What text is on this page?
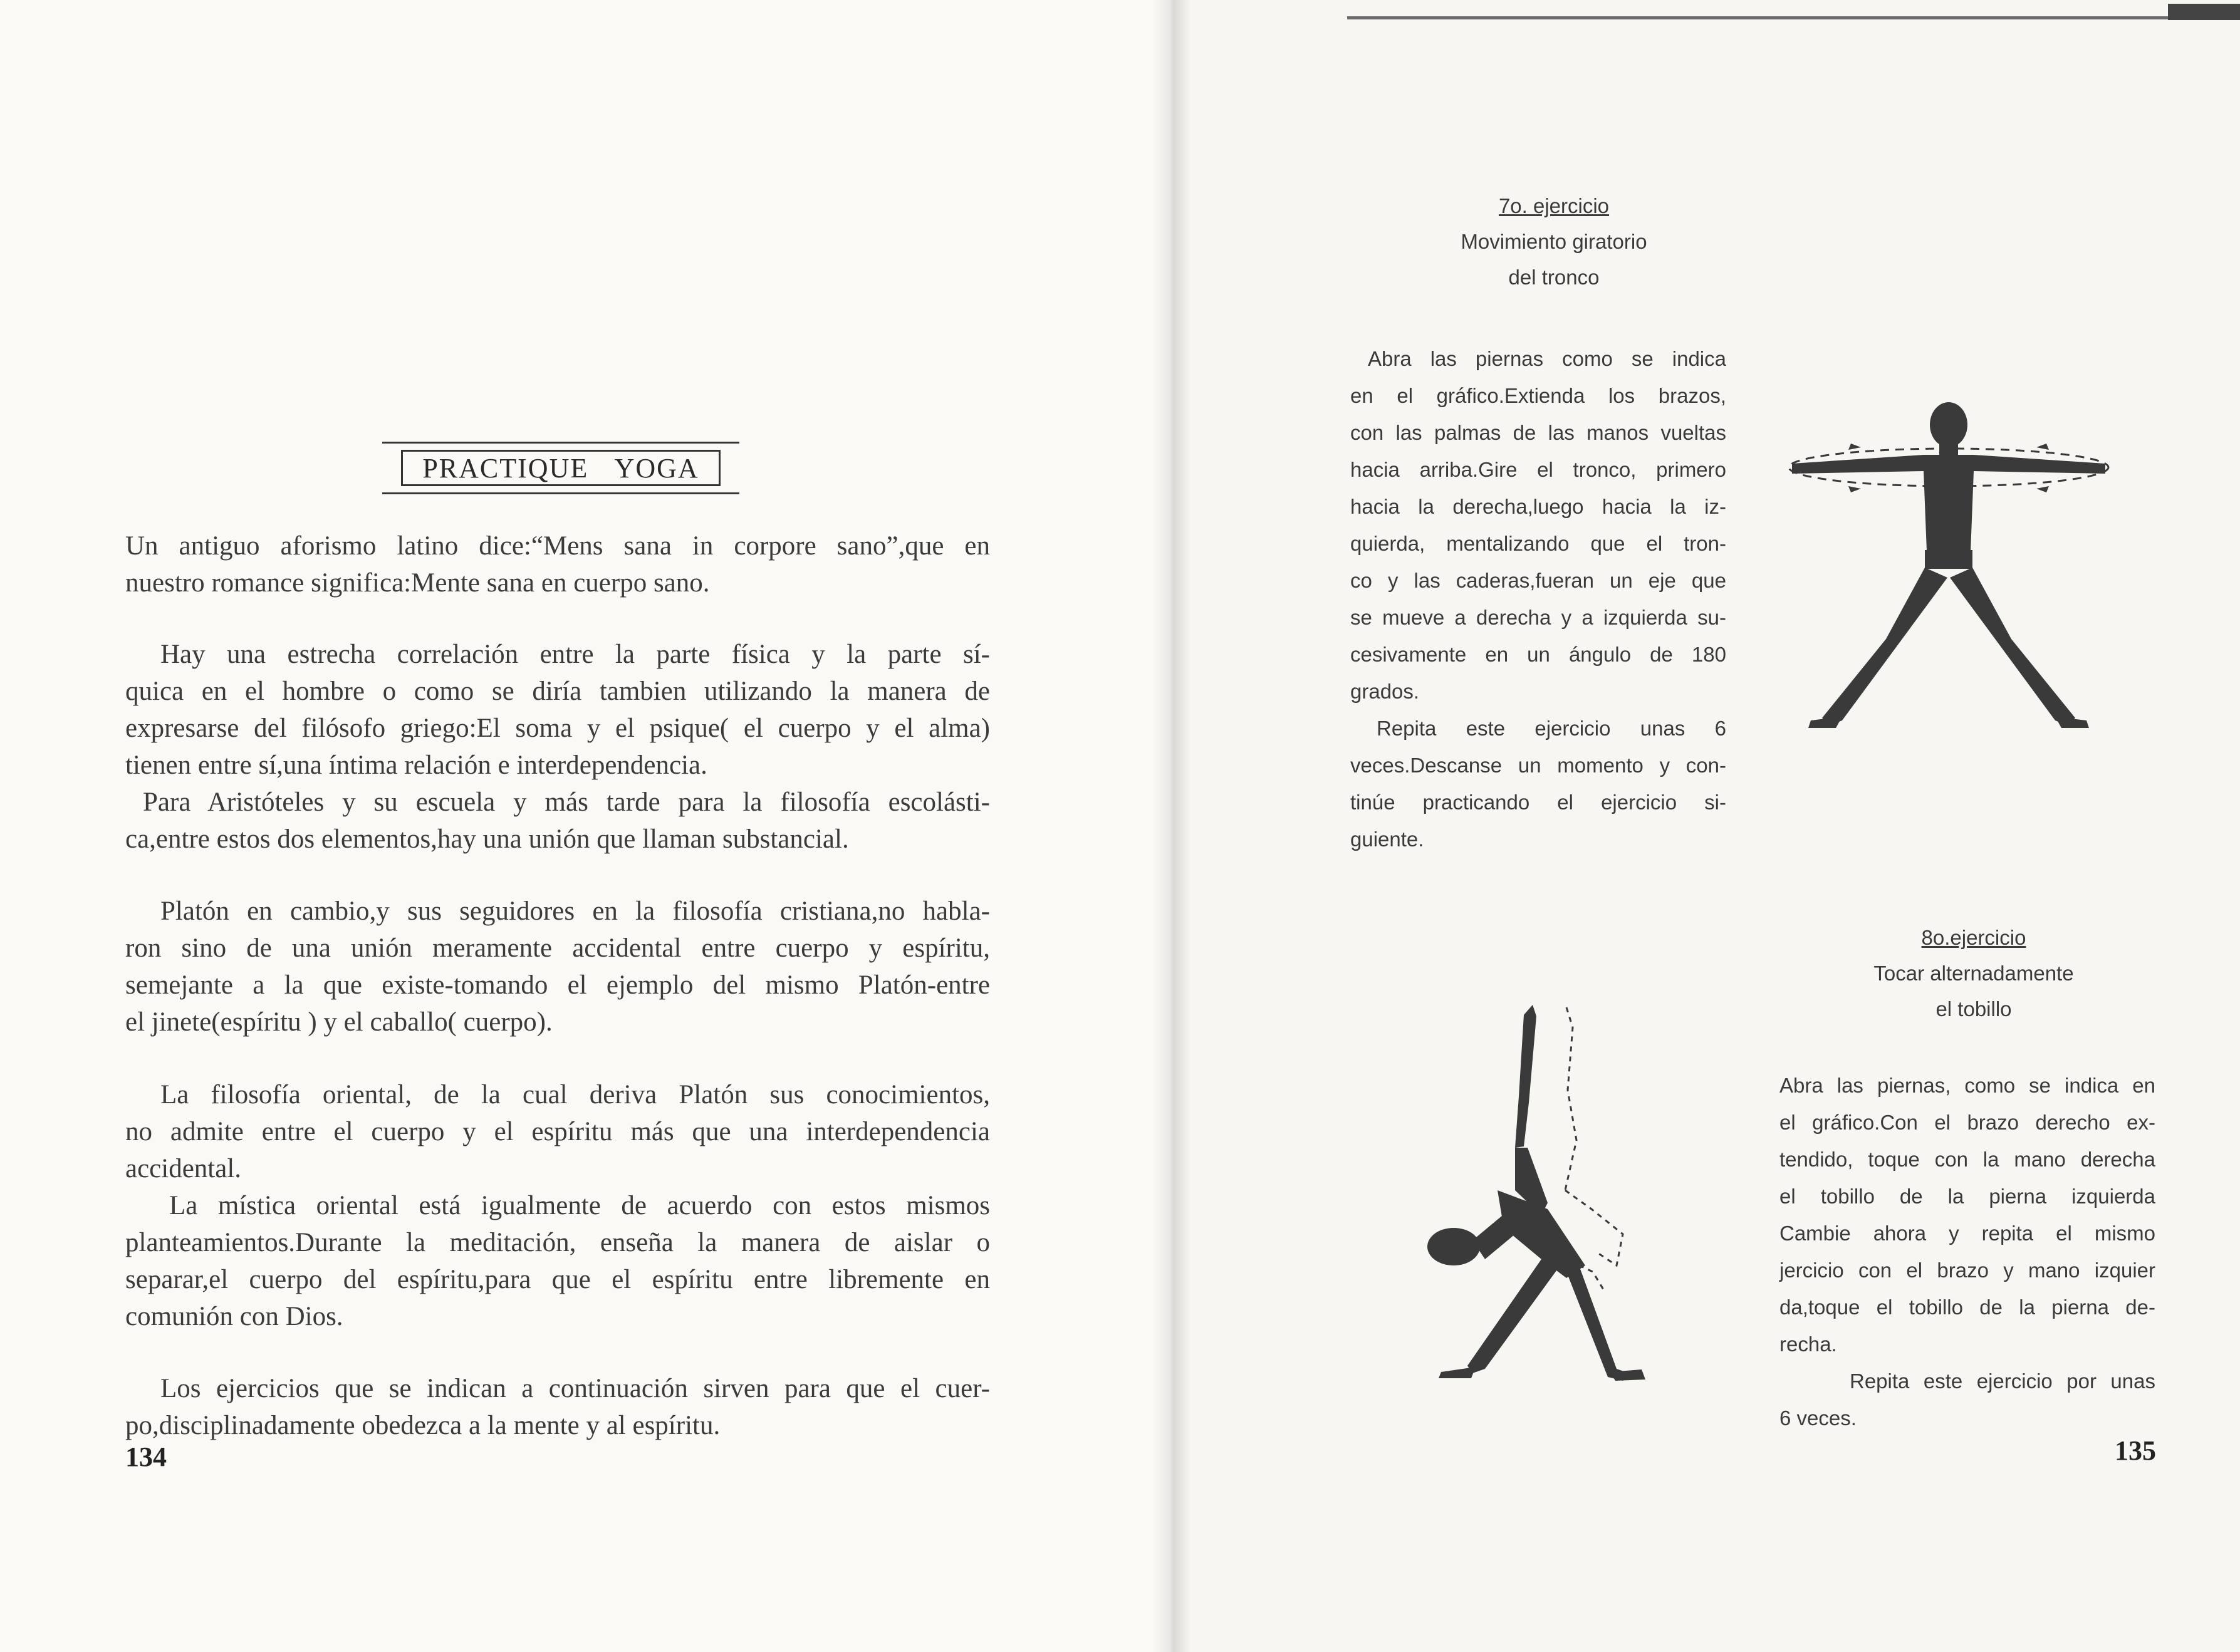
PRACTIQUE YOGA
Un antiguo aforismo latino dice:“Mens sana in corpore sano”,que en
nuestro romance significa:Mente sana en cuerpo sano.
Hay una estrecha correlación entre la parte física y la parte sí-
quica en el hombre o como se diría tambien utilizando la manera de
expresarse del filósofo griego:El soma y el psique( el cuerpo y el alma)
tienen entre sí,una íntima relación e interdependencia.
Para Aristóteles y su escuela y más tarde para la filosofía escolásti-
ca,entre estos dos elementos,hay una unión que llaman substancial.
Platón en cambio,y sus seguidores en la filosofía cristiana,no habla-
ron sino de una unión meramente accidental entre cuerpo y espíritu,
semejante a la que existe-tomando el ejemplo del mismo Platón-entre
el jinete(espíritu ) y el caballo( cuerpo).
La filosofía oriental, de la cual deriva Platón sus conocimientos,
no admite entre el cuerpo y el espíritu más que una interdependencia
accidental.
La mística oriental está igualmente de acuerdo con estos mismos
planteamientos.Durante la meditación, enseña la manera de aislar o
separar,el cuerpo del espíritu,para que el espíritu entre libremente en
comunión con Dios.
Los ejercicios que se indican a continuación sirven para que el cuer-
po,disciplinadamente obedezca a la mente y al espíritu.
134
7o. ejercicio
Movimiento giratorio
del tronco
Abra las piernas como se indica
en el gráfico.Extienda los brazos,
con las palmas de las manos vueltas
hacia arriba.Gire el tronco, primero
hacia la derecha,luego hacia la iz-
quierda, mentalizando que el tron-
co y las caderas,fueran un eje que
se mueve a derecha y a izquierda su-
cesivamente en un ángulo de 180
grados.
Repita este ejercicio unas 6
veces.Descanse un momento y con-
tinúe practicando el ejercicio si-
guiente.
8o.ejercicio
Tocar alternadamente
el tobillo
Abra las piernas, como se indica en
el gráfico.Con el brazo derecho ex-
tendido, toque con la mano derecha
el tobillo de la pierna izquierda
Cambie ahora y repita el mismo
jercicio con el brazo y mano izquier
da,toque el tobillo de la pierna de-
recha.
Repita este ejercicio por unas
6 veces.
135
